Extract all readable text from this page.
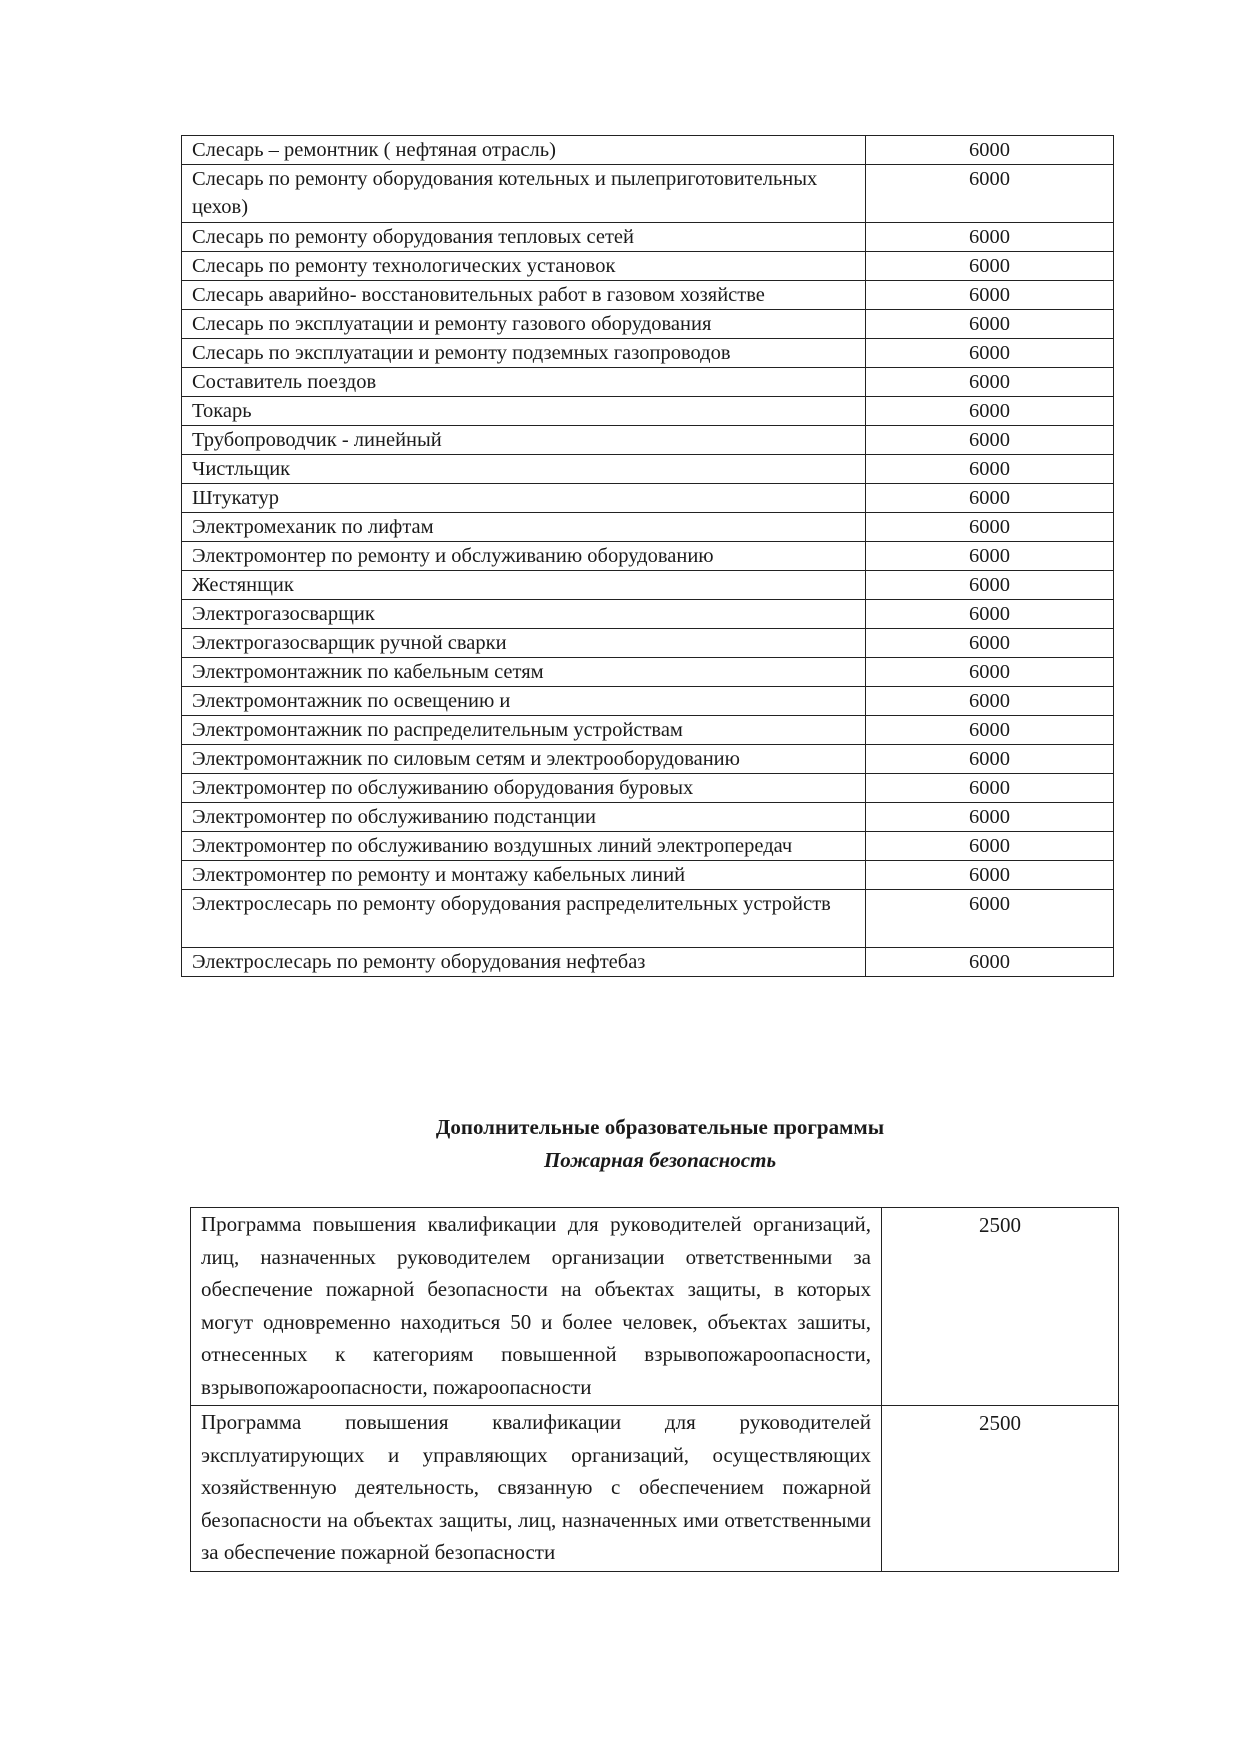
Слесарь – ремонтник ( нефтяная отрасль)	6000
Слесарь по ремонту оборудования котельных и пылеприготовительных цехов)	6000
Слесарь по ремонту оборудования тепловых сетей	6000
Слесарь по ремонту технологических установок	6000
Слесарь аварийно- восстановительных работ в газовом хозяйстве	6000
Слесарь по эксплуатации и ремонту газового оборудования	6000
Слесарь по эксплуатации и ремонту подземных газопроводов	6000
Составитель поездов	6000
Токарь	6000
Трубопроводчик - линейный	6000
Чистльщик	6000
Штукатур	6000
Электромеханик по лифтам	6000
Электромонтер по ремонту и обслуживанию оборудованию	6000
Жестянщик	6000
Электрогазосварщик	6000
Электрогазосварщик ручной сварки	6000
Электромонтажник по кабельным сетям	6000
Электромонтажник по освещению и	6000
Электромонтажник по распределительным устройствам	6000
Электромонтажник по силовым сетям и электрооборудованию	6000
Электромонтер по обслуживанию оборудования буровых	6000
Электромонтер по обслуживанию подстанции	6000
Электромонтер по обслуживанию воздушных линий электропередач	6000
Электромонтер по ремонту и монтажу кабельных линий	6000
Электрослесарь по ремонту оборудования распределительных устройств	6000
Электрослесарь по ремонту оборудования нефтебаз	6000
Дополнительные образовательные программы
Пожарная безопасность
Программа повышения квалификации для руководителей организаций, лиц, назначенных руководителем организации ответственными за обеспечение пожарной безопасности на объектах защиты, в которых могут одновременно находиться 50 и более человек, объектах зашиты, отнесенных к категориям повышенной взрывопожароопасности, взрывопожароопасности, пожароопасности	2500
Программа повышения квалификации для руководителей эксплуатирующих и управляющих организаций, осуществляющих хозяйственную деятельность, связанную с обеспечением пожарной безопасности на объектах защиты, лиц, назначенных ими ответственными за обеспечение пожарной безопасности	2500
